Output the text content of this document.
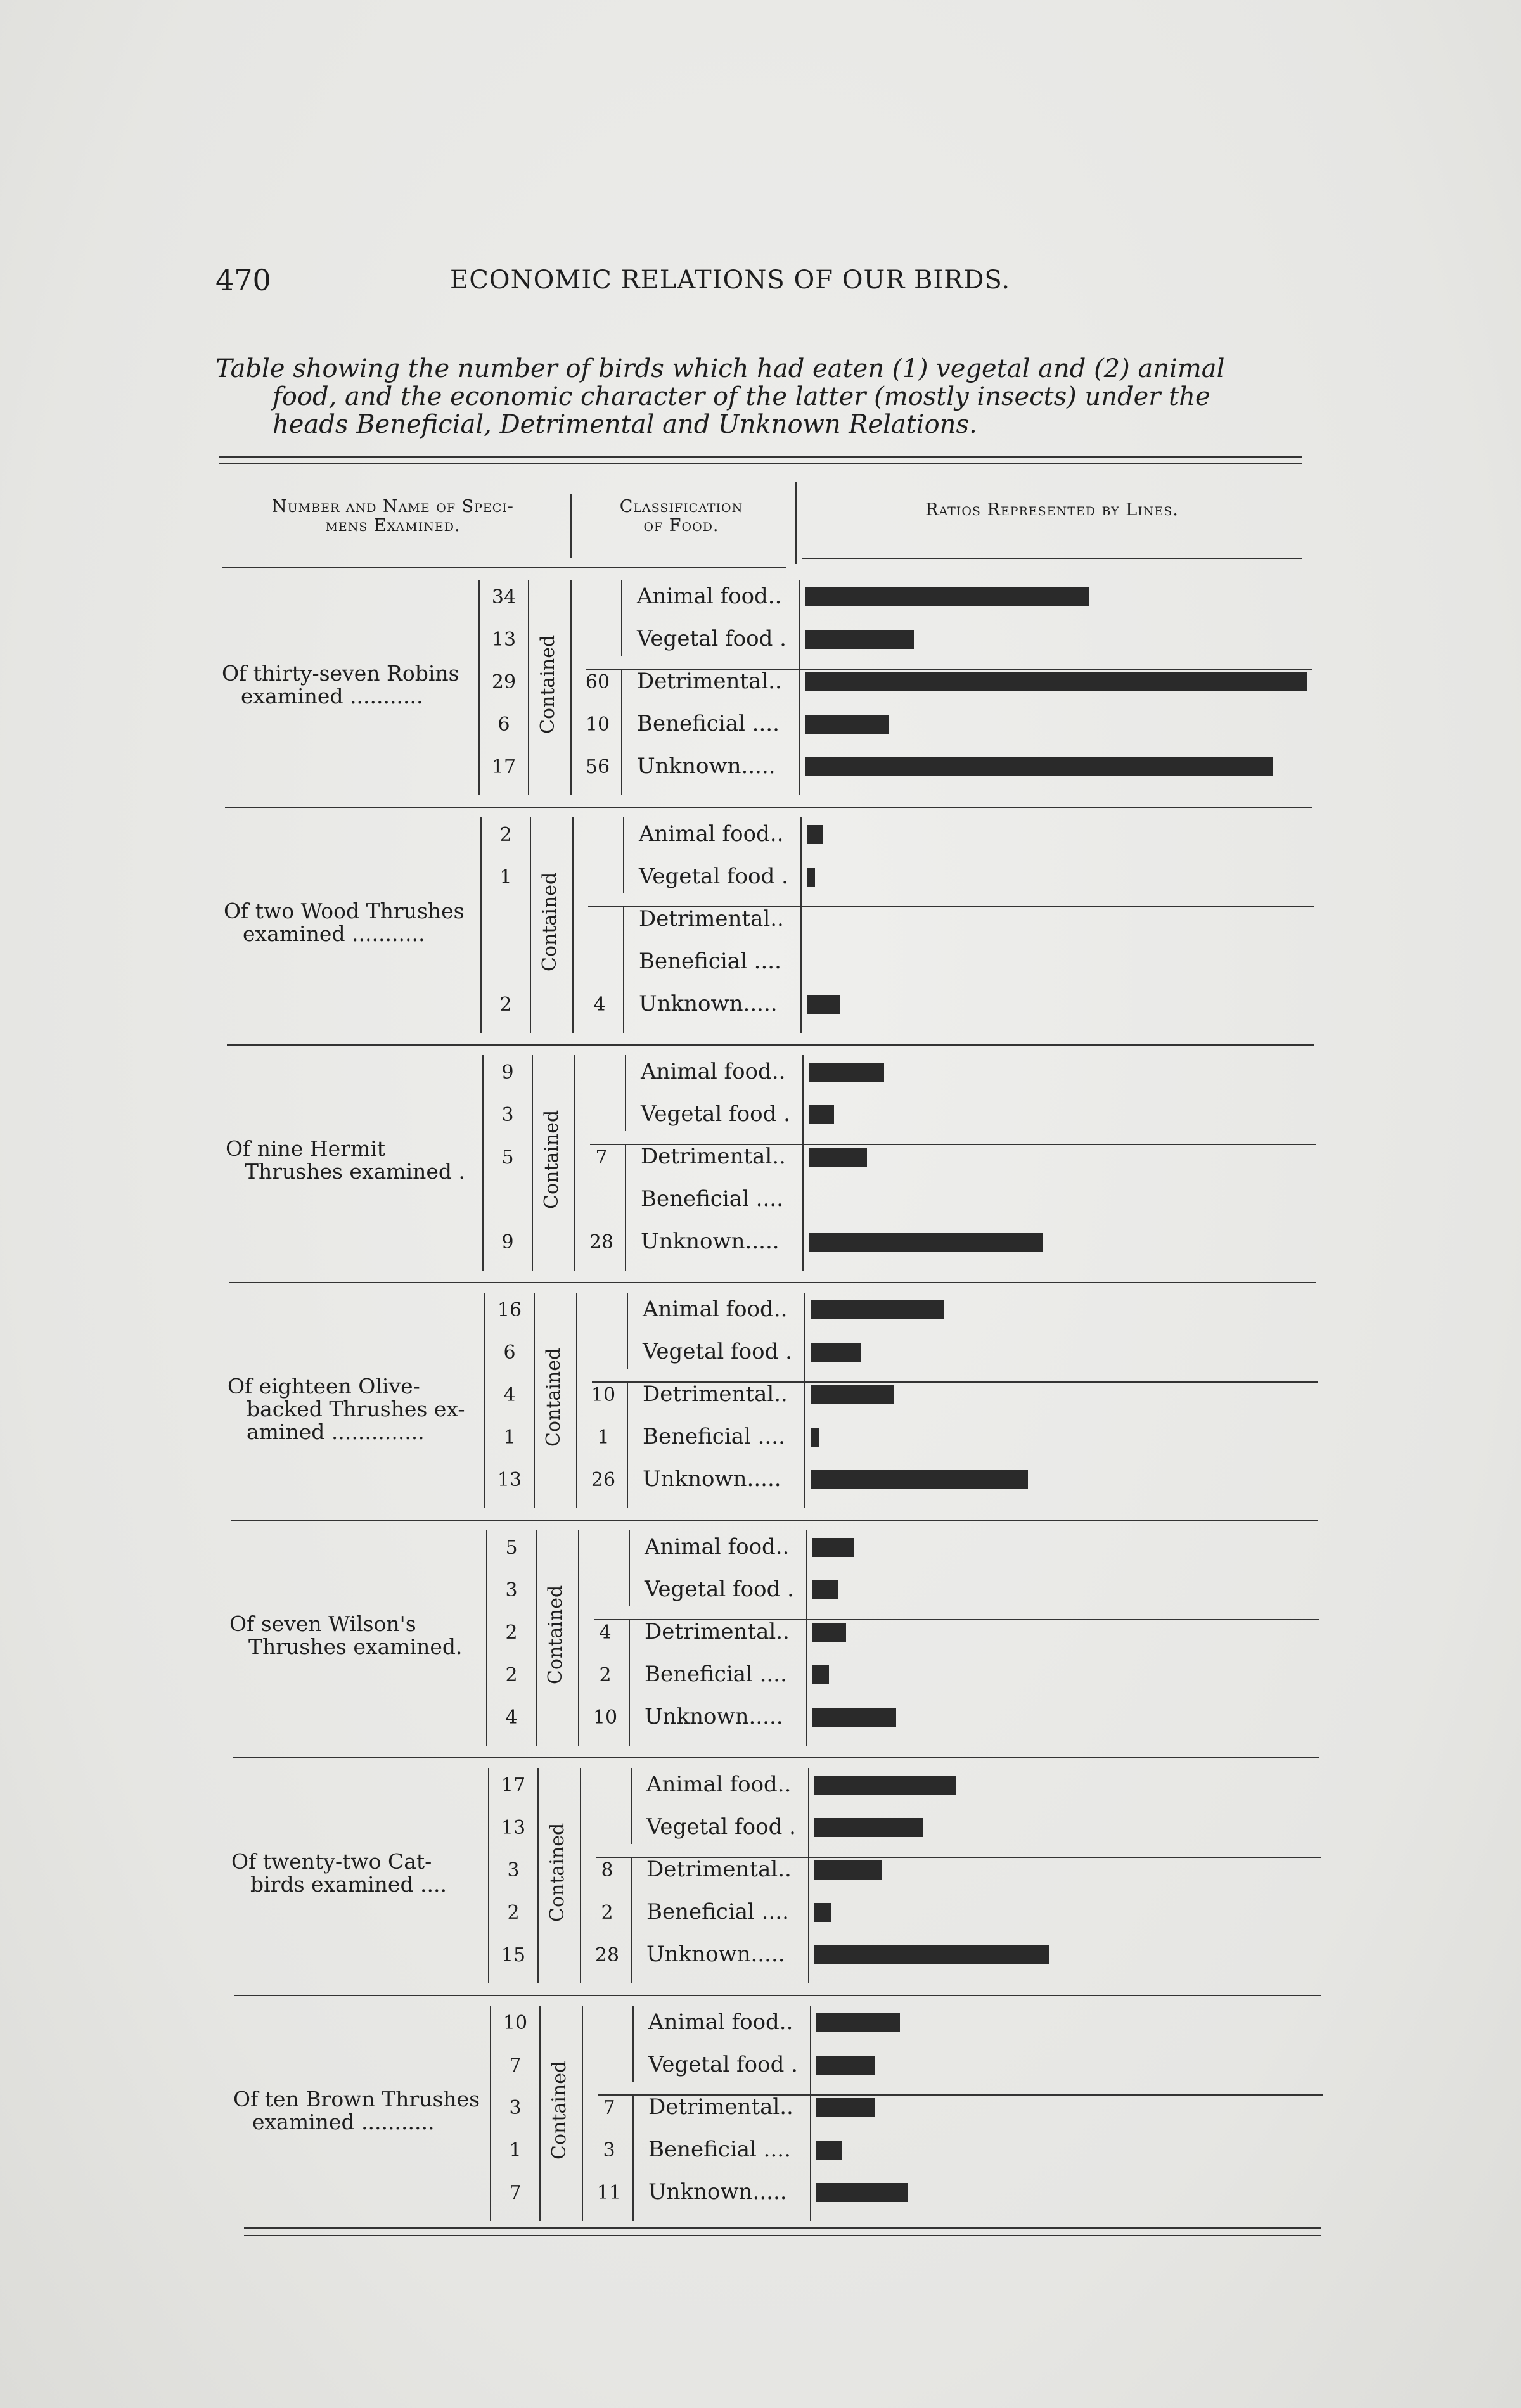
470	ECONOMIC RELATIONS OF OUR BIRDS.
Table showing the number of birds which had eaten (1) vegetal and (2) animal
food, and the economic character of the latter (mostly insects) under the
heads Beneficial, Detrimental and Unknown Relations.
Number and Name of Speci-
mens Examined.
Classification
of Food.
Ratios Represented by Lines.
Of thirty-seven Robins
examined ...........	Contained
34	Animal food..
13	Vegetal food .
29	60	Detrimental..
6	10	Beneficial ....
17	56	Unknown.....
Of two Wood Thrushes
examined ...........	Contained
2	Animal food..
1	Vegetal food .
Detrimental..
Beneficial ....
2	4	Unknown.....
Of nine Hermit
Thrushes examined .	Contained
9	Animal food..
3	Vegetal food .
5	7	Detrimental..
Beneficial ....
9	28	Unknown.....
Of eighteen Olive-
backed Thrushes ex-
amined ..............	Contained
16	Animal food..
6	Vegetal food .
4	10	Detrimental..
1	1	Beneficial ....
13	26	Unknown.....
Of seven Wilson's
Thrushes examined.	Contained
5	Animal food..
3	Vegetal food .
2	4	Detrimental..
2	2	Beneficial ....
4	10	Unknown.....
Of twenty-two Cat-
birds examined ....	Contained
17	Animal food..
13	Vegetal food .
3	8	Detrimental..
2	2	Beneficial ....
15	28	Unknown.....
Of ten Brown Thrushes
examined ...........	Contained
10	Animal food..
7	Vegetal food .
3	7	Detrimental..
1	3	Beneficial ....
7	11	Unknown.....
